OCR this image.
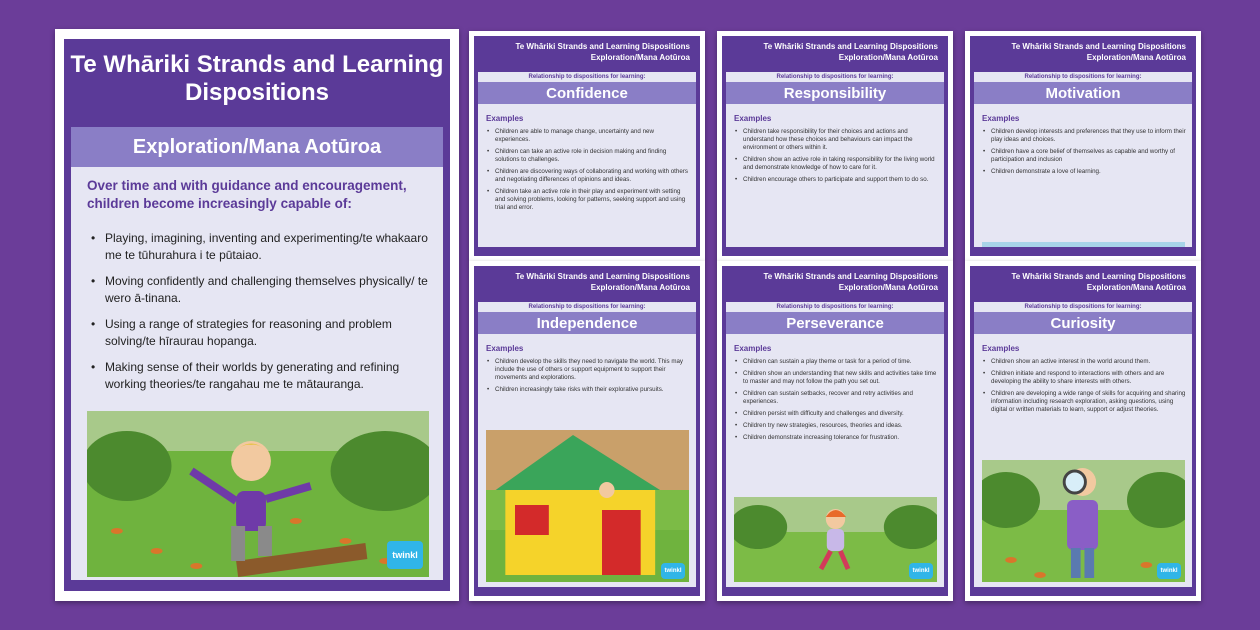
Te Whāriki Strands and Learning Dispositions
Exploration/Mana Aotūroa
Over time and with guidance and encouragement, children become increasingly capable of:
• Playing, imagining, inventing and experimenting/te whakaaro me te tūhurahura i te pūtaiao.
• Moving confidently and challenging themselves physically/ te wero ā-tinana.
• Using a range of strategies for reasoning and problem solving/te hīraurau hopanga.
• Making sense of their worlds by generating and refining working theories/te rangahau me te mātauranga.
twinkl
Te Whāriki Strands and Learning Dispositions
Exploration/Mana Aotūroa
Relationship to dispositions for learning:
Confidence
Examples
• Children are able to manage change, uncertainty and new experiences.
• Children can take an active role in decision making and finding solutions to challenges.
• Children are discovering ways of collaborating and working with others and negotiating differences of opinions and ideas.
• Children take an active role in their play and experiment with setting and solving problems, looking for patterns, seeking support and using trial and error.
Te Whāriki Strands and Learning Dispositions
Exploration/Mana Aotūroa
Relationship to dispositions for learning:
Responsibility
Examples
• Children take responsibility for their choices and actions and understand how these choices and behaviours can impact the environment or others within it.
• Children show an active role in taking responsibility for the living world and demonstrate knowledge of how to care for it.
• Children encourage others to participate and support them to do so.
Te Whāriki Strands and Learning Dispositions
Exploration/Mana Aotūroa
Relationship to dispositions for learning:
Motivation
Examples
• Children develop interests and preferences that they use to inform their play ideas and choices.
• Children have a core belief of themselves as capable and worthy of participation and inclusion
• Children demonstrate a love of learning.
Te Whāriki Strands and Learning Dispositions
Exploration/Mana Aotūroa
Relationship to dispositions for learning:
Independence
Examples
• Children develop the skills they need to navigate the world. This may include the use of others or support equipment to support their movements and explorations.
• Children increasingly take risks with their explorative pursuits.
twinkl
Te Whāriki Strands and Learning Dispositions
Exploration/Mana Aotūroa
Relationship to dispositions for learning:
Perseverance
Examples
• Children can sustain a play theme or task for a period of time.
• Children show an understanding that new skills and activities take time to master and may not follow the path you set out.
• Children can sustain setbacks, recover and retry activities and experiences.
• Children persist with difficulty and challenges and diversity.
• Children try new strategies, resources, theories and ideas.
• Children demonstrate increasing tolerance for frustration.
twinkl
Te Whāriki Strands and Learning Dispositions
Exploration/Mana Aotūroa
Relationship to dispositions for learning:
Curiosity
Examples
• Children show an active interest in the world around them.
• Children initiate and respond to interactions with others and are developing the ability to share interests with others.
• Children are developing a wide range of skills for acquiring and sharing information including research exploration, asking questions, using digital or written materials to learn, support or adjust theories.
twinkl
